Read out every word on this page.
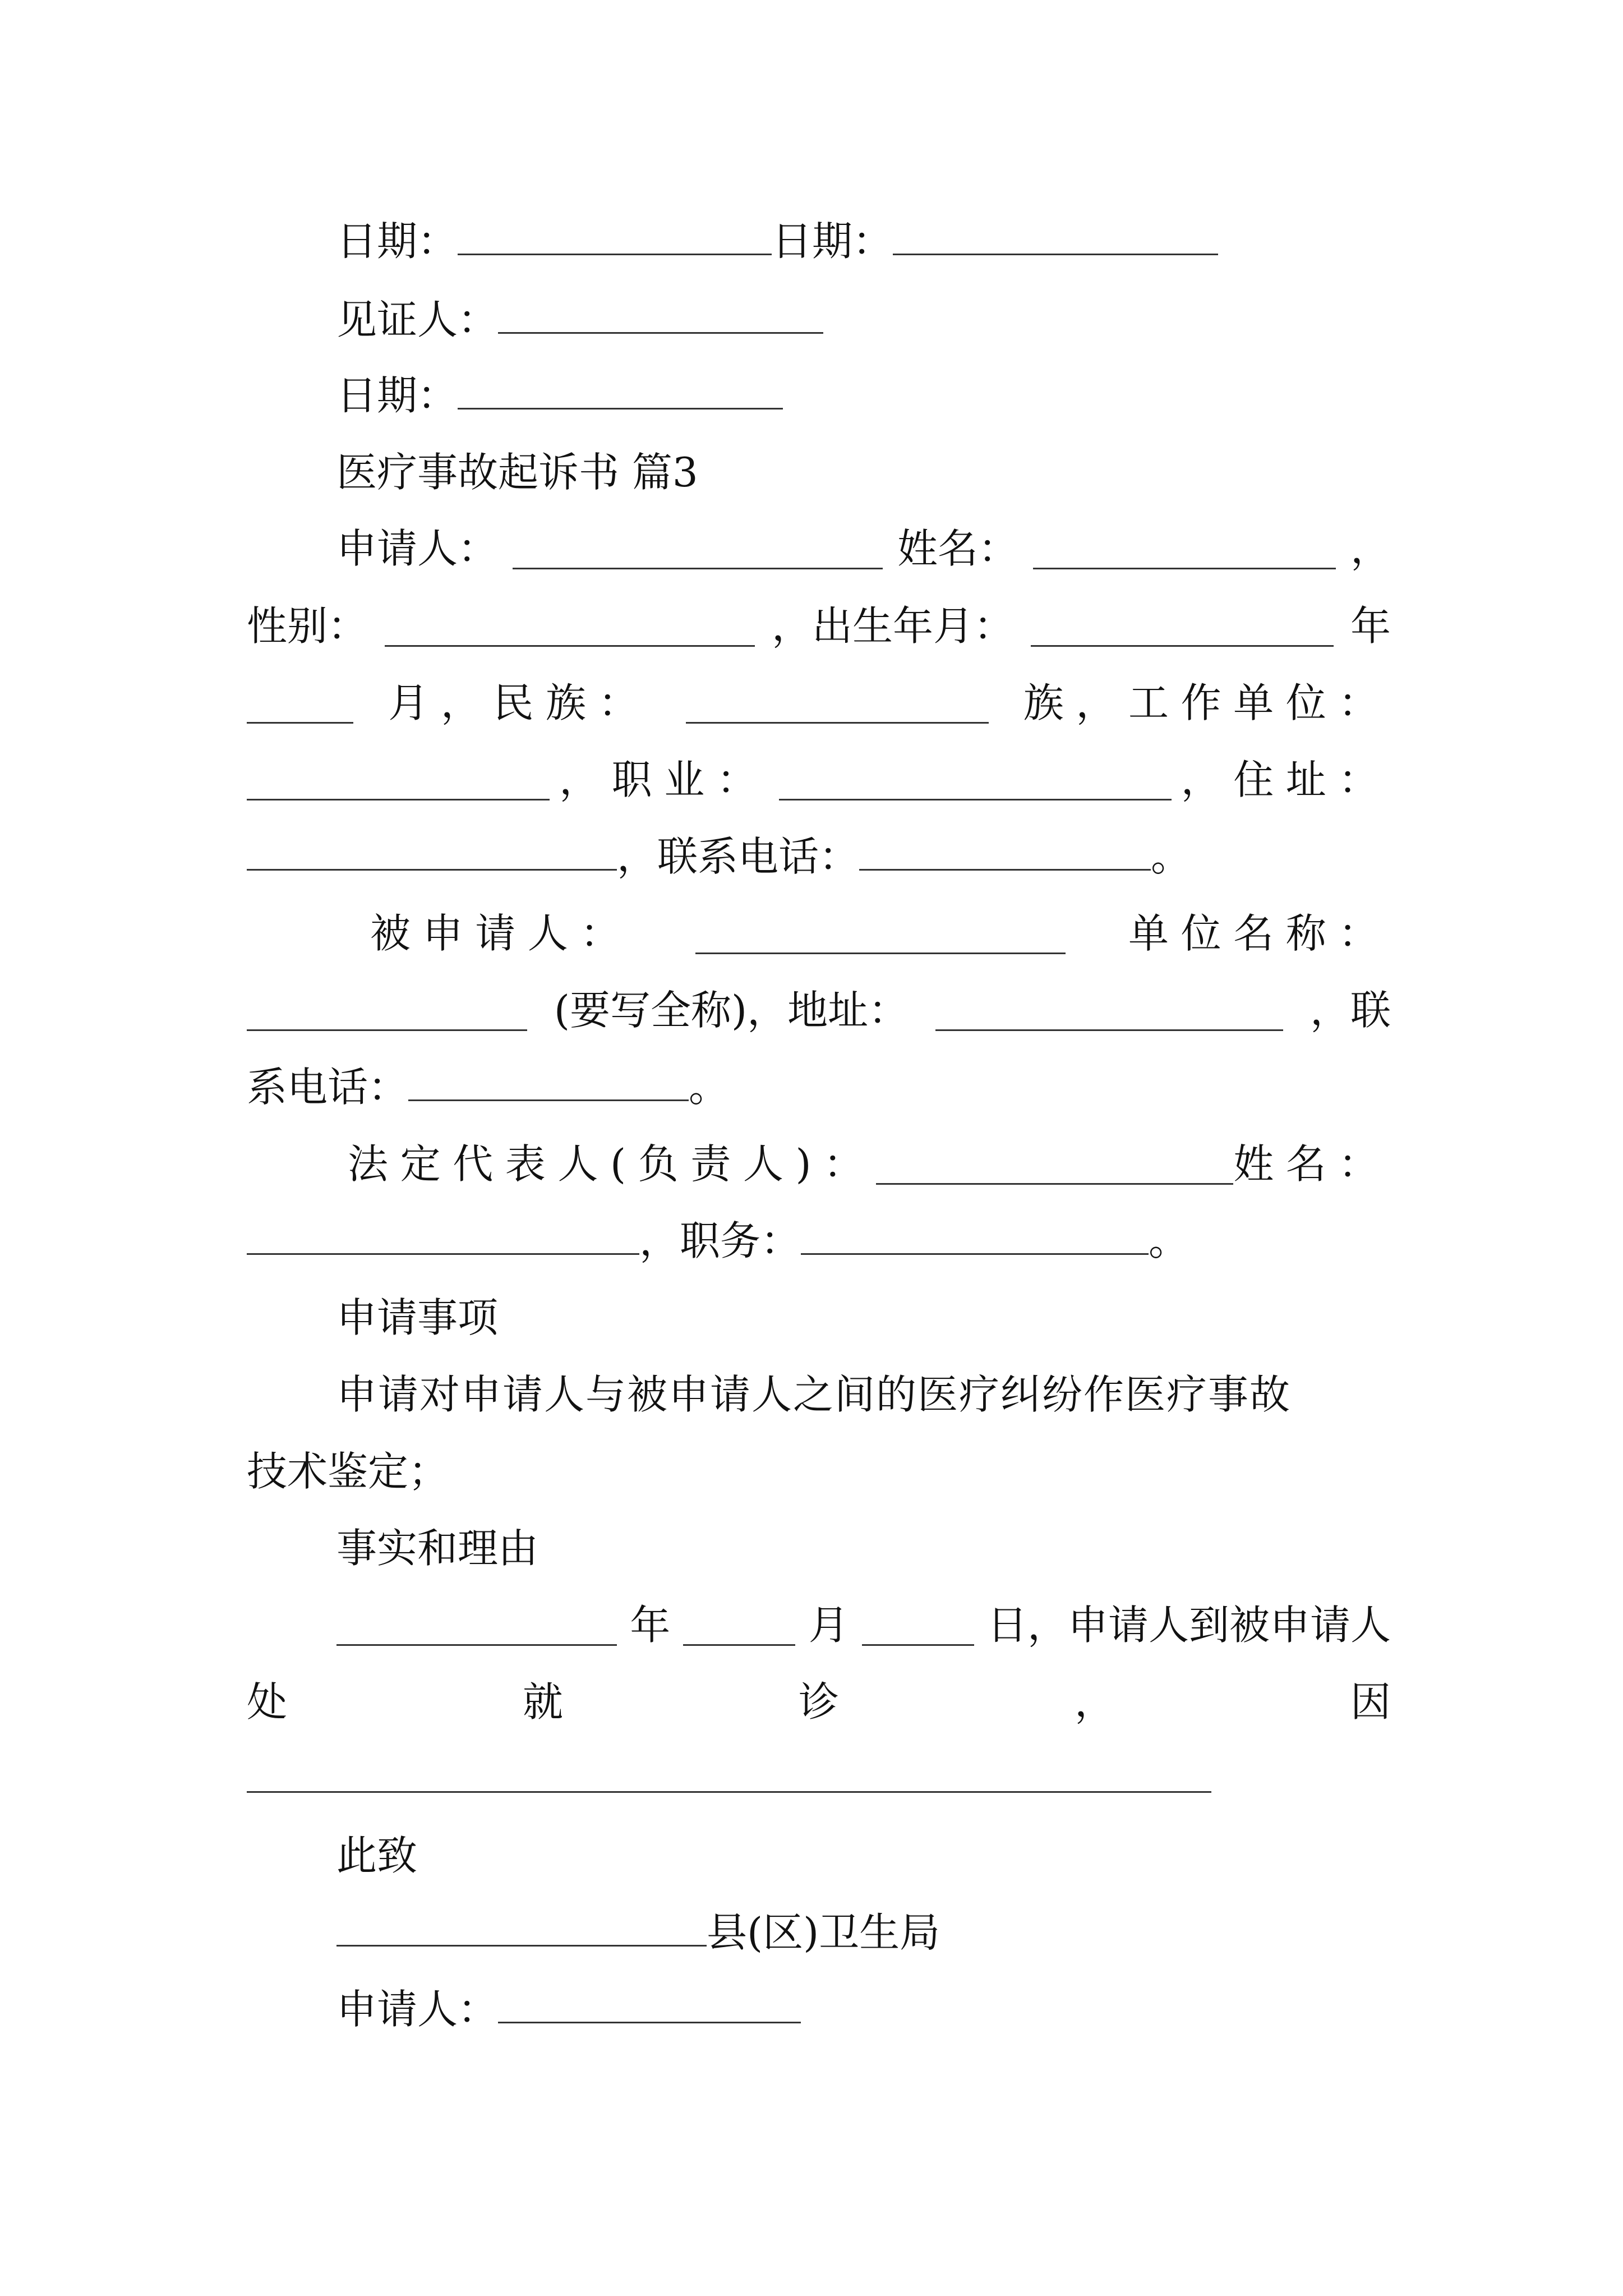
日期：	日期：
见证人：
日期：
医疗事故起诉书 篇3
申请人：	姓名：	，
性别：	，出生年月：	年
月，民族：	族，工作单位：
，职业：	，住址：
，联系电话：	。
被申请人：	单位名称：
(要写全称)，地址：	，联
系电话：	。
法定代表人(负责人)：	姓名：
，职务：	。
申请事项
申请对申请人与被申请人之间的医疗纠纷作医疗事故
技术鉴定；
事实和理由
年	月	日，申请人到被申请人
处	就	诊	，	因
此致
县(区)卫生局
申请人：
